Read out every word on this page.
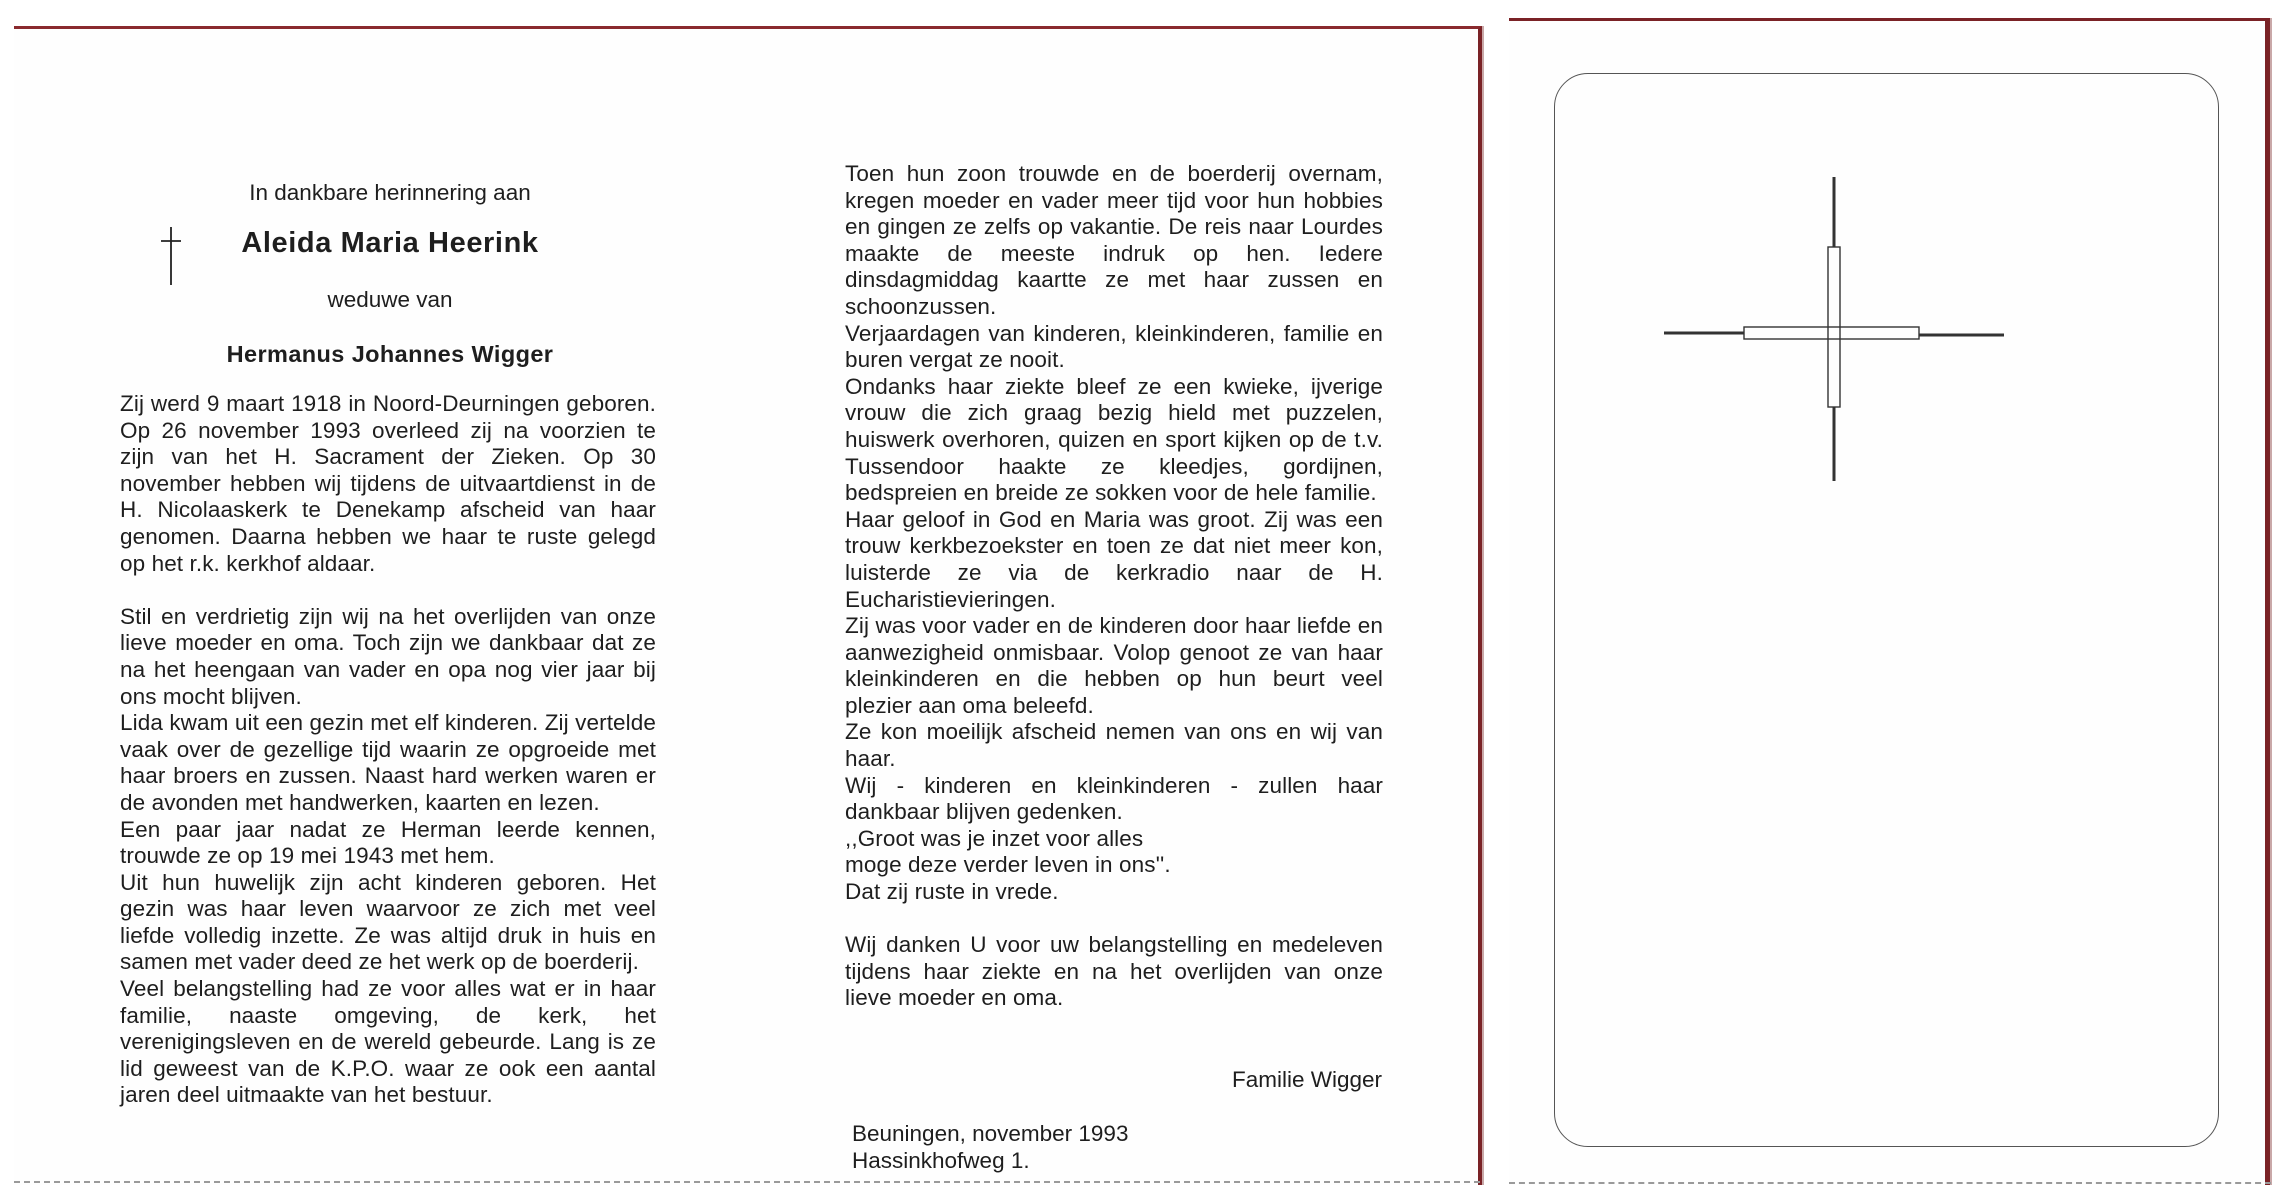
In dankbare herinnering aan

Aleida Maria Heerink

weduwe van

Hermanus Johannes Wigger

Zij werd 9 maart 1918 in Noord-Deurningen geboren. Op 26 november 1993 overleed zij na voorzien te zijn van het H. Sacrament der Zieken. Op 30 november hebben wij tijdens de uitvaartdienst in de H. Nicolaaskerk te Denekamp afscheid van haar genomen. Daarna hebben we haar te ruste gelegd op het r.k. kerkhof aldaar.

Stil en verdrietig zijn wij na het overlijden van onze lieve moeder en oma. Toch zijn we dankbaar dat ze na het heengaan van vader en opa nog vier jaar bij ons mocht blijven.

Lida kwam uit een gezin met elf kinderen. Zij vertelde vaak over de gezellige tijd waarin ze opgroeide met haar broers en zussen. Naast hard werken waren er de avonden met handwerken, kaarten en lezen.

Een paar jaar nadat ze Herman leerde kennen, trouwde ze op 19 mei 1943 met hem.

Uit hun huwelijk zijn acht kinderen geboren. Het gezin was haar leven waarvoor ze zich met veel liefde volledig inzette. Ze was altijd druk in huis en samen met vader deed ze het werk op de boerderij.

Veel belangstelling had ze voor alles wat er in haar familie, naaste omgeving, de kerk, het verenigingsleven en de wereld gebeurde. Lang is ze lid geweest van de K.P.O. waar ze ook een aantal jaren deel uitmaakte van het bestuur.

Toen hun zoon trouwde en de boerderij overnam, kregen moeder en vader meer tijd voor hun hobbies en gingen ze zelfs op vakantie. De reis naar Lourdes maakte de meeste indruk op hen. Iedere dinsdagmiddag kaartte ze met haar zussen en schoonzussen.

Verjaardagen van kinderen, kleinkinderen, familie en buren vergat ze nooit.

Ondanks haar ziekte bleef ze een kwieke, ijverige vrouw die zich graag bezig hield met puzzelen, huiswerk overhoren, quizen en sport kijken op de t.v. Tussendoor haakte ze kleedjes, gordijnen, bedspreien en breide ze sokken voor de hele familie.

Haar geloof in God en Maria was groot. Zij was een trouw kerkbezoekster en toen ze dat niet meer kon, luisterde ze via de kerkradio naar de H. Eucharistievieringen.

Zij was voor vader en de kinderen door haar liefde en aanwezigheid onmisbaar. Volop genoot ze van haar kleinkinderen en die hebben op hun beurt veel plezier aan oma beleefd.

Ze kon moeilijk afscheid nemen van ons en wij van haar.

Wij - kinderen en kleinkinderen - zullen haar dankbaar blijven gedenken.

,,Groot was je inzet voor alles

moge deze verder leven in ons''.

Dat zij ruste in vrede.

Wij danken U voor uw belangstelling en medeleven tijdens haar ziekte en na het overlijden van onze lieve moeder en oma.

Familie Wigger

Beuningen, november 1993
Hassinkhofweg 1.
